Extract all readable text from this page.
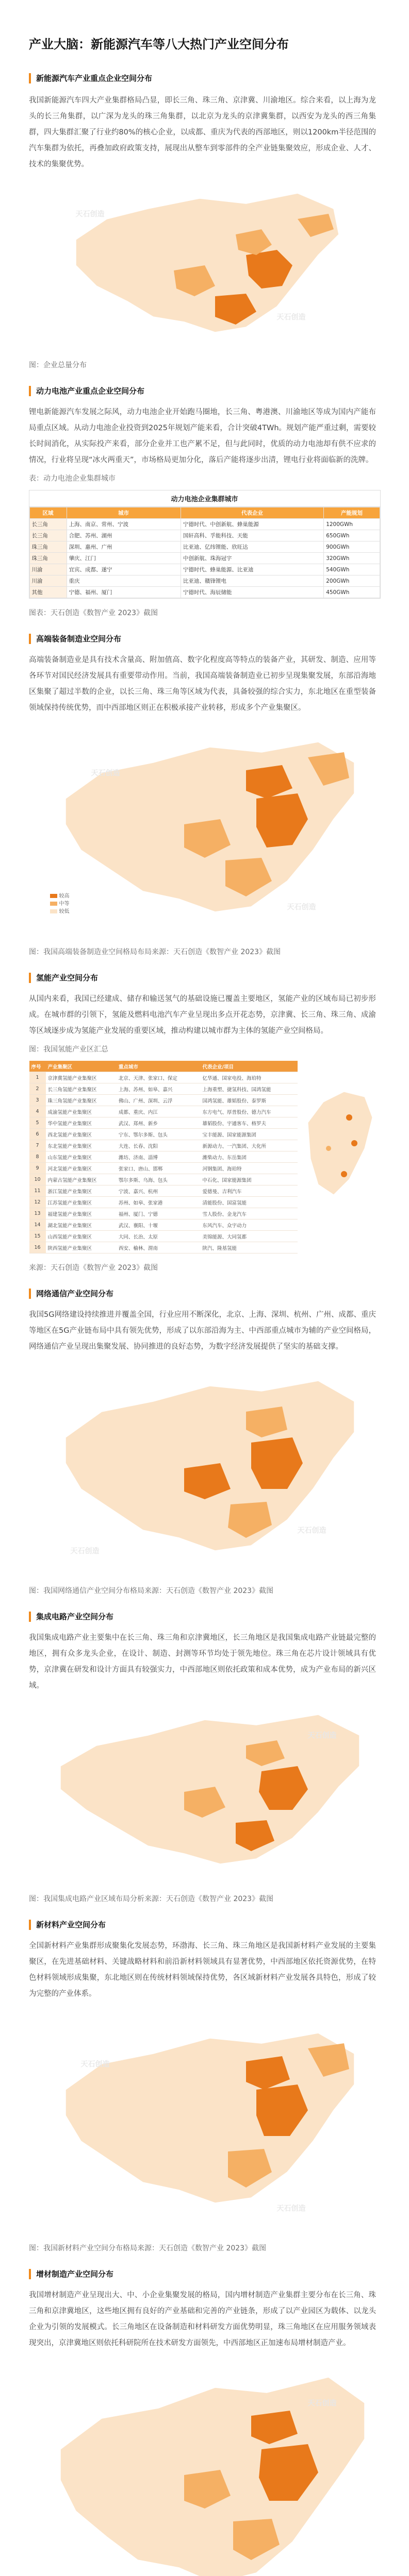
产业大脑：新能源汽车等八大热门产业空间分布
新能源汽车产业重点企业空间分布

我国新能源汽车四大产业集群格局凸显，即长三角、珠三角、京津冀、川渝地区。综合来看，以上海为龙头的长三角集群，以广深为龙头的珠三角集群，以北京为龙头的京津冀集群，以西安为龙头的西三角集群，四大集群汇聚了行业约80%的核心企业，以成都、重庆为代表的西部地区，则以1200km半径范围的汽车集群为依托，再叠加政府政策支持，展现出从整车到零部件的全产业链集聚效应，形成企业、人才、技术的集聚优势。

天石创造
天石创造
图：企业总量分布
动力电池产业重点企业空间分布

锂电新能源汽车发展之际风，动力电池企业开始跑马圈地，长三角、粤港澳、川渝地区等成为国内产能布局重点区域。从动力电池企业投资到2025年规划产能来看，合计突破4TWh。规划产能严重过剩，需要较长时间消化，从实际投产来看，部分企业并工也产累不足，但与此同时，优质的动力电池却有供不应求的情况，行业将呈现“冰火两重天”，市场格局更加分化，落后产能将逐步出清，锂电行业将面临新的洗牌。

表：动力电池企业集群城市
动力电池企业集群城市
区域	城市	代表企业	产能规划
长三角	上海、南京、常州、宁波	宁德时代、中创新航、蜂巢能源	1200GWh
长三角	合肥、苏州、湖州	国轩高科、孚能科技、天能	650GWh
珠三角	深圳、惠州、广州	比亚迪、亿纬锂能、欣旺达	900GWh
珠三角	肇庆、江门	中创新航、珠海冠宇	320GWh
川渝	宜宾、成都、遂宁	宁德时代、蜂巢能源、比亚迪	540GWh
川渝	重庆	比亚迪、赣锋锂电	200GWh
其他	宁德、福州、厦门	宁德时代、海辰储能	450GWh
图表：天石创造《数智产业 2023》截图
高端装备制造业空间分布

高端装备制造业是具有技术含量高、附加值高、数字化程度高等特点的装备产业，其研发、制造、应用等各环节对国民经济发展具有重要带动作用。当前，我国高端装备制造业已初步呈现集聚发展，东部沿海地区集聚了超过半数的企业，以长三角、珠三角等区域为代表，具备较强的综合实力，东北地区在重型装备领域保持传统优势，而中西部地区则正在积极承接产业转移，形成多个产业集聚区。

天石创造
天石创造
较高
中等
较低
图：我国高端装备制造业空间格局布局来源：天石创造《数智产业 2023》截图
氢能产业空间分布

从国内来看，我国已经建成、储存和输送氢气的基础设施已覆盖主要地区，氢能产业的区域布局已初步形成。在城市群的引领下，氢能及燃料电池汽车产业呈现出多点开花态势，京津冀、长三角、珠三角、成渝等区域逐步成为氢能产业发展的重要区域，推动构建以城市群为主体的氢能产业空间格局。

图：我国氢能产业区汇总
序号	产业集聚区	重点城市	代表企业/项目
1	京津冀氢能产业集聚区	北京、天津、张家口、保定	亿华通、国家电投、海珀特
2	长三角氢能产业集聚区	上海、苏州、如皋、嘉兴	上海重塑、捷氢科技、国鸿氢能
3	珠三角氢能产业集聚区	佛山、广州、深圳、云浮	国鸿氢能、雄韬股份、泰罗斯
4	成渝氢能产业集聚区	成都、重庆、内江	东方电气、厚普股份、德力汽车
5	华中氢能产业集聚区	武汉、郑州、新乡	雄韬股份、宇通客车、格罗夫
6	西北氢能产业集聚区	宁东、鄂尔多斯、包头	宝丰能源、国家能源集团
7	东北氢能产业集聚区	大连、长春、沈阳	新源动力、一汽集团、大化所
8	山东氢能产业集聚区	潍坊、济南、淄博	潍柴动力、东岳集团
9	河北氢能产业集聚区	张家口、唐山、邯郸	河钢集团、海珀特
10	内蒙古氢能产业集聚区	鄂尔多斯、乌海、包头	中石化、国家能源集团
11	浙江氢能产业集聚区	宁波、嘉兴、杭州	爱德曼、吉利汽车
12	江苏氢能产业集聚区	苏州、如皋、张家港	清能股份、国富氢能
13	福建氢能产业集聚区	福州、厦门、宁德	雪人股份、金龙汽车
14	湖北氢能产业集聚区	武汉、襄阳、十堰	东风汽车、众宇动力
15	山西氢能产业集聚区	大同、长治、太原	美锦能源、大同氢都
16	陕西氢能产业集聚区	西安、榆林、渭南	陕汽、隆基氢能
来源：天石创造《数智产业 2023》截图
网络通信产业空间分布

我国5G网络建设持续推进并覆盖全国，行业应用不断深化，北京、上海、深圳、杭州、广州、成都、重庆等地区在5G产业链布局中具有领先优势，形成了以东部沿海为主、中西部重点城市为辅的产业空间格局，网络通信产业呈现出集聚发展、协同推进的良好态势，为数字经济发展提供了坚实的基础支撑。

天石创造
天石创造
图：我国网络通信产业空间分布格局来源：天石创造《数智产业 2023》截图
集成电路产业空间分布

我国集成电路产业主要集中在长三角、珠三角和京津冀地区，长三角地区是我国集成电路产业链最完整的地区，拥有众多龙头企业，在设计、制造、封测等环节均处于领先地位。珠三角在芯片设计领域具有优势，京津冀在研发和设计方面具有较强实力，中西部地区则依托政策和成本优势，成为产业布局的新兴区域。

天石创造
图：我国集成电路产业区域布局分析来源：天石创造《数智产业 2023》截图
新材料产业空间分布

全国新材料产业集群形成聚集化发展态势，环渤海、长三角、珠三角地区是我国新材料产业发展的主要集聚区，在先进基础材料、关键战略材料和前沿新材料领域具有显著优势，中西部地区依托资源优势，在特色材料领域形成集聚，东北地区则在传统材料领域保持优势，各区域新材料产业发展各具特色，形成了较为完整的产业体系。

天石创造
天石创造
图：我国新材料产业空间分布格局来源：天石创造《数智产业 2023》截图
增材制造产业空间分布

我国增材制造产业呈现出大、中、小企业集聚发展的格局，国内增材制造产业集群主要分布在长三角、珠三角和京津冀地区，这些地区拥有良好的产业基础和完善的产业链条，形成了以产业园区为载体、以龙头企业为引领的发展模式。长三角地区在设备制造和材料研发方面优势明显，珠三角地区在应用服务领域表现突出，京津冀地区则依托科研院所在技术研发方面领先，中西部地区正加速布局增材制造产业。

天石创造
